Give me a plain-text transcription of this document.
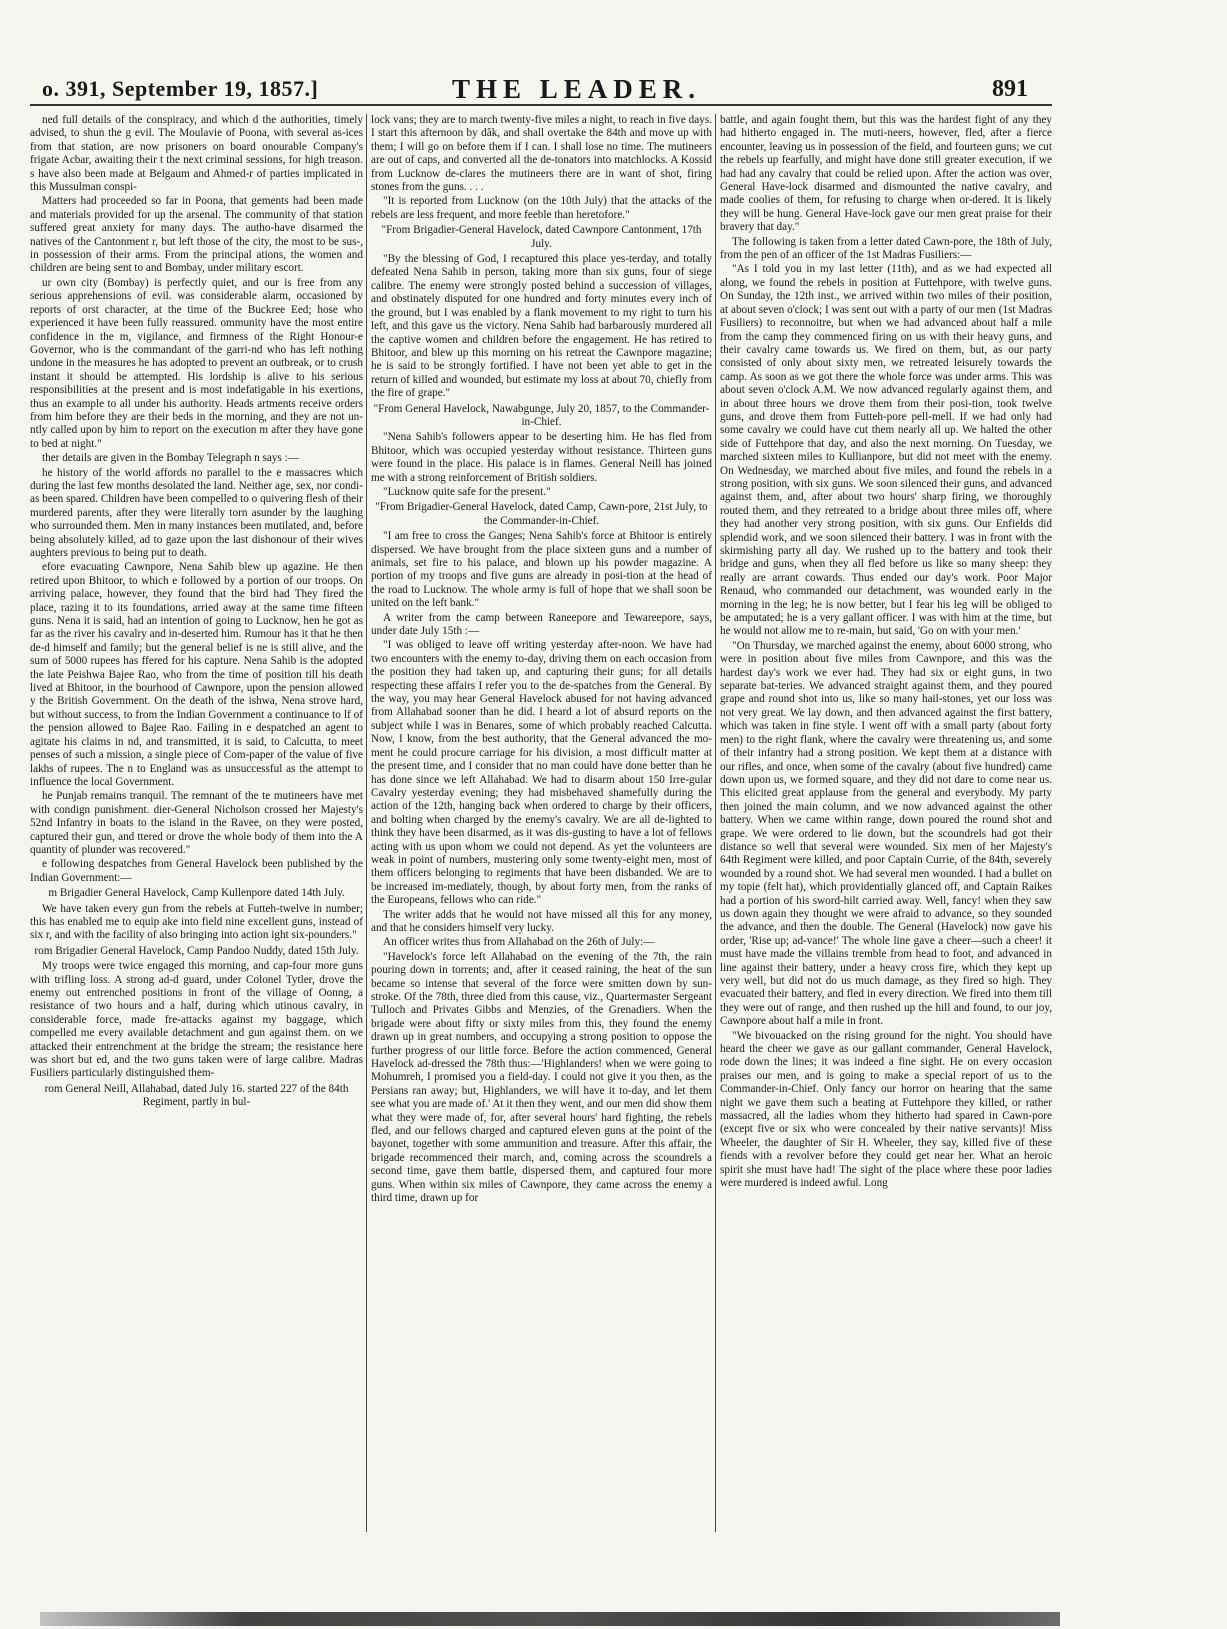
o. 391, September 19, 1857.]	THE LEADER.	891

ned full details of the conspiracy, and which d the authorities, timely advised, to shun the g evil. The Moulavie of Poona, with several as-ices from that station, are now prisoners on board onourable Company's frigate Acbar, awaiting their t the next criminal sessions, for high treason. s have also been made at Belgaum and Ahmed-r of parties implicated in this Mussulman conspi-

Matters had proceeded so far in Poona, that gements had been made and materials provided for up the arsenal. The community of that station suffered great anxiety for many days. The autho-have disarmed the natives of the Cantonment r, but left those of the city, the most to be sus-, in possession of their arms. From the principal ations, the women and children are being sent to and Bombay, under military escort.

ur own city (Bombay) is perfectly quiet, and our is free from any serious apprehensions of evil. was considerable alarm, occasioned by reports of orst character, at the time of the Buckree Eed; hose who experienced it have been fully reassured. ommunity have the most entire confidence in the m, vigilance, and firmness of the Right Honour-e Governor, who is the commandant of the garri-nd who has left nothing undone in the measures he has adopted to prevent an outbreak, or to crush instant it should be attempted. His lordship is alive to his serious responsibilities at the present and is most indefatigable in his exertions, thus an example to all under his authority. Heads artments receive orders from him before they are their beds in the morning, and they are not un-ntly called upon by him to report on the execution m after they have gone to bed at night."

ther details are given in the Bombay Telegraph n says :—

he history of the world affords no parallel to the e massacres which during the last few months desolated the land. Neither age, sex, nor condi-as been spared. Children have been compelled to o quivering flesh of their murdered parents, after they were literally torn asunder by the laughing who surrounded them. Men in many instances been mutilated, and, before being absolutely killed, ad to gaze upon the last dishonour of their wives aughters previous to being put to death.

efore evacuating Cawnpore, Nena Sahib blew up agazine. He then retired upon Bhitoor, to which e followed by a portion of our troops. On arriving palace, however, they found that the bird had They fired the place, razing it to its foundations, arried away at the same time fifteen guns. Nena it is said, had an intention of going to Lucknow, hen he got as far as the river his cavalry and in-deserted him. Rumour has it that he then de-d himself and family; but the general belief is ne is still alive, and the sum of 5000 rupees has ffered for his capture. Nena Sahib is the adopted the late Peishwa Bajee Rao, who from the time of position till his death lived at Bhitoor, in the bourhood of Cawnpore, upon the pension allowed y the British Government. On the death of the ishwa, Nena strove hard, but without success, to from the Indian Government a continuance to lf of the pension allowed to Bajee Rao. Failing in e despatched an agent to agitate his claims in nd, and transmitted, it is said, to Calcutta, to meet penses of such a mission, a single piece of Com-paper of the value of five lakhs of rupees. The n to England was as unsuccessful as the attempt to influence the local Government.

he Punjab remains tranquil. The remnant of the te mutineers have met with condign punishment. dier-General Nicholson crossed her Majesty's 52nd Infantry in boats to the island in the Ravee, on they were posted, captured their gun, and ttered or drove the whole body of them into the A quantity of plunder was recovered."

e following despatches from General Havelock been published by the Indian Government:—

m Brigadier General Havelock, Camp Kullenpore dated 14th July.

We have taken every gun from the rebels at Futteh-twelve in number; this has enabled me to equip ake into field nine excellent guns, instead of six r, and with the facility of also bringing into action ight six-pounders."

rom Brigadier General Havelock, Camp Pandoo Nuddy, dated 15th July.

My troops were twice engaged this morning, and cap-four more guns with trifling loss. A strong ad-d guard, under Colonel Tytler, drove the enemy out entrenched positions in front of the village of Oonng, a resistance of two hours and a half, during which utinous cavalry, in considerable force, made fre-attacks against my baggage, which compelled me every available detachment and gun against them. on we attacked their entrenchment at the bridge the stream; the resistance here was short but ed, and the two guns taken were of large calibre. Madras Fusiliers particularly distinguished them-

rom General Neill, Allahabad, dated July 16. started 227 of the 84th Regiment, partly in bul-

lock vans; they are to march twenty-five miles a night, to reach in five days. I start this afternoon by dâk, and shall overtake the 84th and move up with them; I will go on before them if I can. I shall lose no time. The mutineers are out of caps, and converted all the de-tonators into matchlocks. A Kossid from Lucknow de-clares the mutineers there are in want of shot, firing stones from the guns. . . .

"It is reported from Lucknow (on the 10th July) that the attacks of the rebels are less frequent, and more feeble than heretofore."

"From Brigadier-General Havelock, dated Cawnpore Cantonment, 17th July.

"By the blessing of God, I recaptured this place yes-terday, and totally defeated Nena Sahib in person, taking more than six guns, four of siege calibre. The enemy were strongly posted behind a succession of villages, and obstinately disputed for one hundred and forty minutes every inch of the ground, but I was enabled by a flank movement to my right to turn his left, and this gave us the victory. Nena Sahib had barbarously murdered all the captive women and children before the engagement. He has retired to Bhitoor, and blew up this morning on his retreat the Cawnpore magazine; he is said to be strongly fortified. I have not been yet able to get in the return of killed and wounded, but estimate my loss at about 70, chiefly from the fire of grape."

"From General Havelock, Nawabgunge, July 20, 1857, to the Commander-in-Chief.

"Nena Sahib's followers appear to be deserting him. He has fled from Bhitoor, which was occupied yesterday without resistance. Thirteen guns were found in the place. His palace is in flames. General Neill has joined me with a strong reinforcement of British soldiers.

"Lucknow quite safe for the present."

"From Brigadier-General Havelock, dated Camp, Cawn-pore, 21st July, to the Commander-in-Chief.

"I am free to cross the Ganges; Nena Sahib's force at Bhitoor is entirely dispersed. We have brought from the place sixteen guns and a number of animals, set fire to his palace, and blown up his powder magazine. A portion of my troops and five guns are already in posi-tion at the head of the road to Lucknow. The whole army is full of hope that we shall soon be united on the left bank."

A writer from the camp between Raneepore and Tewareepore, says, under date July 15th :—

"I was obliged to leave off writing yesterday after-noon. We have had two encounters with the enemy to-day, driving them on each occasion from the position they had taken up, and capturing their guns; for all details respecting these affairs I refer you to the de-spatches from the General. By the way, you may hear General Havelock abused for not having advanced from Allahabad sooner than he did. I heard a lot of absurd reports on the subject while I was in Benares, some of which probably reached Calcutta. Now, I know, from the best authority, that the General advanced the mo-ment he could procure carriage for his division, a most difficult matter at the present time, and I consider that no man could have done better than he has done since we left Allahabad. We had to disarm about 150 Irre-gular Cavalry yesterday evening; they had misbehaved shamefully during the action of the 12th, hanging back when ordered to charge by their officers, and bolting when charged by the enemy's cavalry. We are all de-lighted to think they have been disarmed, as it was dis-gusting to have a lot of fellows acting with us upon whom we could not depend. As yet the volunteers are weak in point of numbers, mustering only some twenty-eight men, most of them officers belonging to regiments that have been disbanded. We are to be increased im-mediately, though, by about forty men, from the ranks of the Europeans, fellows who can ride."

The writer adds that he would not have missed all this for any money, and that he considers himself very lucky.

An officer writes thus from Allahabad on the 26th of July:—

"Havelock's force left Allahabad on the evening of the 7th, the rain pouring down in torrents; and, after it ceased raining, the heat of the sun became so intense that several of the force were smitten down by sun-stroke. Of the 78th, three died from this cause, viz., Quartermaster Sergeant Tulloch and Privates Gibbs and Menzies, of the Grenadiers. When the brigade were about fifty or sixty miles from this, they found the enemy drawn up in great numbers, and occupying a strong position to oppose the further progress of our little force. Before the action commenced, General Havelock ad-dressed the 78th thus:—'Highlanders! when we were going to Mohumreh, I promised you a field-day. I could not give it you then, as the Persians ran away; but, Highlanders, we will have it to-day, and let them see what you are made of.' At it then they went, and our men did show them what they were made of, for, after several hours' hard fighting, the rebels fled, and our fellows charged and captured eleven guns at the point of the bayonet, together with some ammunition and treasure. After this affair, the brigade recommenced their march, and, coming across the scoundrels a second time, gave them battle, dispersed them, and captured four more guns. When within six miles of Cawnpore, they came across the enemy a third time, drawn up for

battle, and again fought them, but this was the hardest fight of any they had hitherto engaged in. The muti-neers, however, fled, after a fierce encounter, leaving us in possession of the field, and fourteen guns; we cut the rebels up fearfully, and might have done still greater execution, if we had had any cavalry that could be relied upon. After the action was over, General Have-lock disarmed and dismounted the native cavalry, and made coolies of them, for refusing to charge when or-dered. It is likely they will be hung. General Have-lock gave our men great praise for their bravery that day."

The following is taken from a letter dated Cawn-pore, the 18th of July, from the pen of an officer of the 1st Madras Fusiliers:—

"As I told you in my last letter (11th), and as we had expected all along, we found the rebels in position at Futtehpore, with twelve guns. On Sunday, the 12th inst., we arrived within two miles of their position, at about seven o'clock; I was sent out with a party of our men (1st Madras Fusiliers) to reconnoitre, but when we had advanced about half a mile from the camp they commenced firing on us with their heavy guns, and their cavalry came towards us. We fired on them, but, as our party consisted of only about sixty men, we retreated leisurely towards the camp. As soon as we got there the whole force was under arms. This was about seven o'clock A.M. We now advanced regularly against them, and in about three hours we drove them from their posi-tion, took twelve guns, and drove them from Futteh-pore pell-mell. If we had only had some cavalry we could have cut them nearly all up. We halted the other side of Futtehpore that day, and also the next morning. On Tuesday, we marched sixteen miles to Kullianpore, but did not meet with the enemy. On Wednesday, we marched about five miles, and found the rebels in a strong position, with six guns. We soon silenced their guns, and advanced against them, and, after about two hours' sharp firing, we thoroughly routed them, and they retreated to a bridge about three miles off, where they had another very strong position, with six guns. Our Enfields did splendid work, and we soon silenced their battery. I was in front with the skirmishing party all day. We rushed up to the battery and took their bridge and guns, when they all fled before us like so many sheep: they really are arrant cowards. Thus ended our day's work. Poor Major Renaud, who commanded our detachment, was wounded early in the morning in the leg; he is now better, but I fear his leg will be obliged to be amputated; he is a very gallant officer. I was with him at the time, but he would not allow me to re-main, but said, 'Go on with your men.'

"On Thursday, we marched against the enemy, about 6000 strong, who were in position about five miles from Cawnpore, and this was the hardest day's work we ever had. They had six or eight guns, in two separate bat-teries. We advanced straight against them, and they poured grape and round shot into us, like so many hail-stones, yet our loss was not very great. We lay down, and then advanced against the first battery, which was taken in fine style. I went off with a small party (about forty men) to the right flank, where the cavalry were threatening us, and some of their infantry had a strong position. We kept them at a distance with our rifles, and once, when some of the cavalry (about five hundred) came down upon us, we formed square, and they did not dare to come near us. This elicited great applause from the general and everybody. My party then joined the main column, and we now advanced against the other battery. When we came within range, down poured the round shot and grape. We were ordered to lie down, but the scoundrels had got their distance so well that several were wounded. Six men of her Majesty's 64th Regiment were killed, and poor Captain Currie, of the 84th, severely wounded by a round shot. We had several men wounded. I had a bullet on my topie (felt hat), which providentially glanced off, and Captain Raikes had a portion of his sword-hilt carried away. Well, fancy! when they saw us down again they thought we were afraid to advance, so they sounded the advance, and then the double. The General (Havelock) now gave his order, 'Rise up; ad-vance!' The whole line gave a cheer—such a cheer! it must have made the villains tremble from head to foot, and advanced in line against their battery, under a heavy cross fire, which they kept up very well, but did not do us much damage, as they fired so high. They evacuated their battery, and fled in every direction. We fired into them till they were out of range, and then rushed up the hill and found, to our joy, Cawnpore about half a mile in front.

"We bivouacked on the rising ground for the night. You should have heard the cheer we gave as our gallant commander, General Havelock, rode down the lines; it was indeed a fine sight. He on every occasion praises our men, and is going to make a special report of us to the Commander-in-Chief. Only fancy our horror on hearing that the same night we gave them such a beating at Futtehpore they killed, or rather massacred, all the ladies whom they hitherto had spared in Cawn-pore (except five or six who were concealed by their native servants)! Miss Wheeler, the daughter of Sir H. Wheeler, they say, killed five of these fiends with a revolver before they could get near her. What an heroic spirit she must have had! The sight of the place where these poor ladies were murdered is indeed awful. Long
